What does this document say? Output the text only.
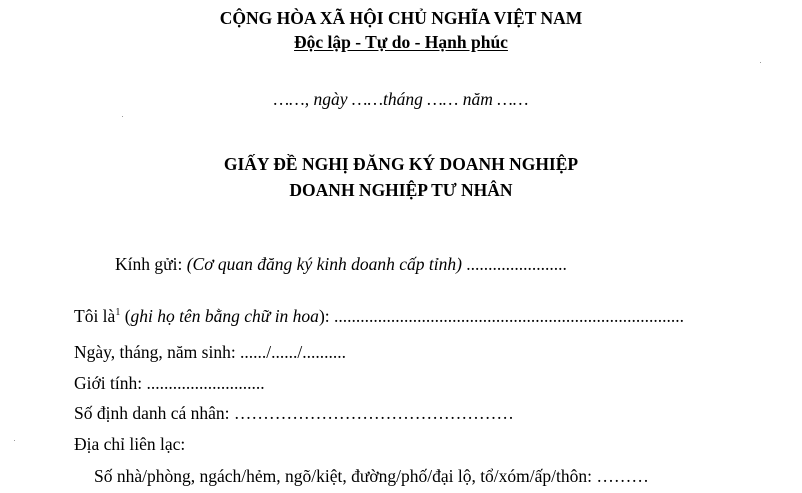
CỘNG HÒA XÃ HỘI CHỦ NGHĨA VIỆT NAM
Độc lập - Tự do - Hạnh phúc
……, ngày ……tháng …… năm ……
GIẤY ĐỀ NGHỊ ĐĂNG KÝ DOANH NGHIỆP
DOANH NGHIỆP TƯ NHÂN
Kính gửi: (Cơ quan đăng ký kinh doanh cấp tỉnh) .......................
Tôi $là^1$ (ghi họ tên bằng chữ in hoa): ................................................................................
Ngày, tháng, năm sinh: ....../....../..........
Giới tính: ...........................
Số định danh cá nhân: …………………………………………
Địa chỉ liên lạc:
Số nhà/phòng, ngách/hẻm, ngõ/kiệt, đường/phố/đại lộ, tổ/xóm/ấp/thôn: ………
